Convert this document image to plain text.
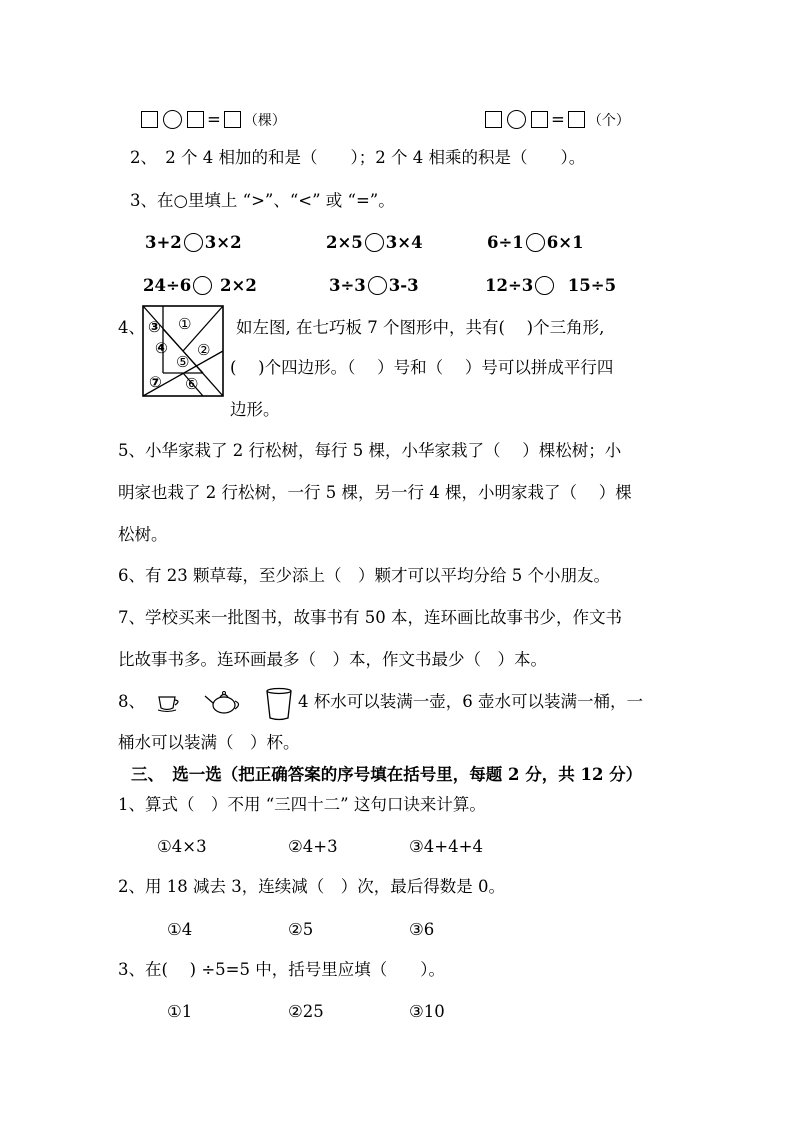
= （棵）	= （个）
2、　2 个 4 相加的和是（　　）；2 个 4 相乘的积是（　　）。
3、在○里填上 “>”、“<” 或 “=”。
3+2 3×2	2×5 3×4	6÷1 6×1
24÷6 2×2	3÷3 3-3	12÷3 15÷5
4、 ③ ①
②
④
⑤
⑥
⑦
如左图, 在七巧板 7 个图形中，共有(　 )个三角形,
(　 )个四边形。（　 ）号和（　 ）号可以拼成平行四
边形。
5、小华家栽了 2 行松树，每行 5 棵，小华家栽了（　 ）棵松树；小
明家也栽了 2 行松树，一行 5 棵，另一行 4 棵，小明家栽了（　 ）棵
松树。
6、有 23 颗草莓，至少添上（　）颗才可以平均分给 5 个小朋友。
7、学校买来一批图书，故事书有 50 本，连环画比故事书少，作文书
比故事书多。连环画最多（　）本，作文书最少（　）本。
8、	4 杯水可以装满一壶，6 壶水可以装满一桶，一
桶水可以装满（　）杯。
三、　选一选（把正确答案的序号填在括号里，每题 2 分，共 12 分）
1、算式（　）不用 “三四十二” 这句口诀来计算。
①4×3	②4+3	③4+4+4
2、用 18 减去 3，连续减（　）次，最后得数是 0。
①4	②5	③6
3、在(　 ) ÷5=5 中，括号里应填（　　）。
①1	②25	③10
